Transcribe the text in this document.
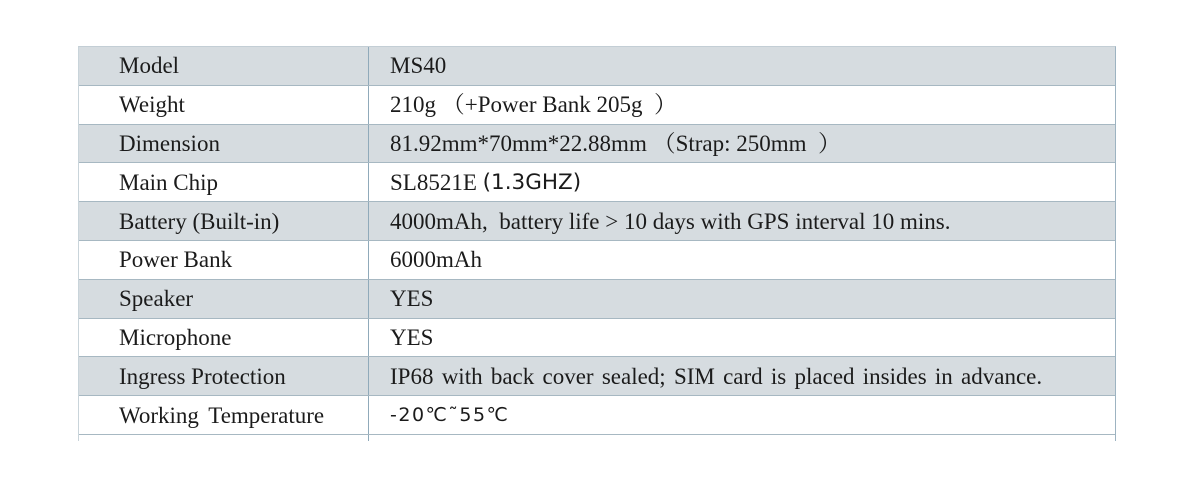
Model	MS40
Weight	210g （+Power Bank 205g  ）
Dimension	81.92mm*70mm*22.88mm （Strap: 250mm  ）
Main Chip	SL8521E (1.3GHZ)
Battery (Built-in)	4000mAh,  battery life > 10 days with GPS interval 10 mins.
Power Bank	6000mAh
Speaker	YES
Microphone	YES
Ingress Protection	IP68 with back cover sealed; SIM card is placed insides in advance.
Working Temperature	-20℃˜55℃
